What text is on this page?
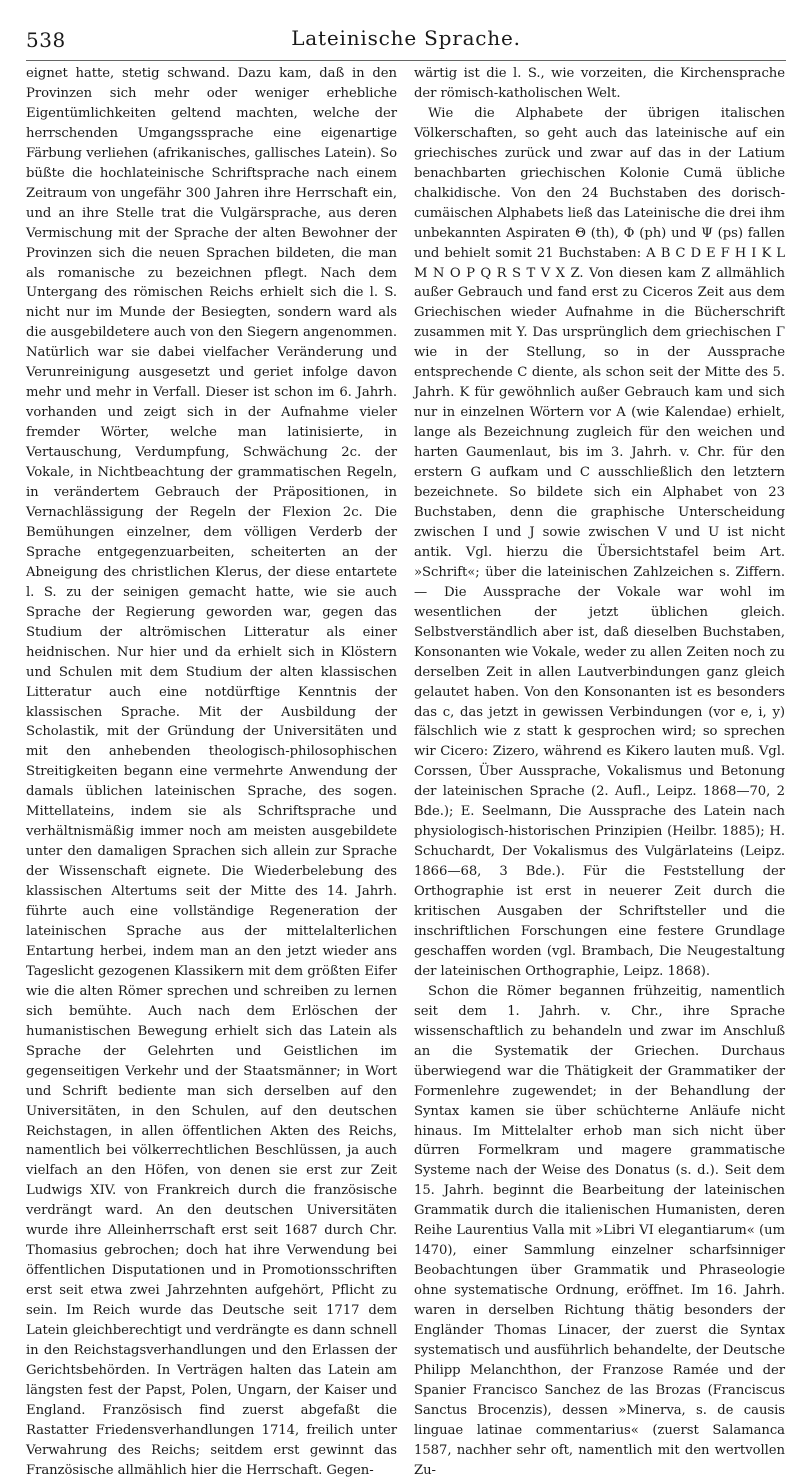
538	Lateinische Sprache.

eignet hatte, stetig schwand. Dazu kam, daß in den Provinzen sich mehr oder weniger erhebliche Eigentümlichkeiten geltend machten, welche der herrschenden Umgangssprache eine eigenartige Färbung verliehen (afrikanisches, gallisches Latein). So büßte die hochlateinische Schriftsprache nach einem Zeitraum von ungefähr 300 Jahren ihre Herrschaft ein, und an ihre Stelle trat die Vulgärsprache, aus deren Vermischung mit der Sprache der alten Bewohner der Provinzen sich die neuen Sprachen bildeten, die man als romanische zu bezeichnen pflegt. Nach dem Untergang des römischen Reichs erhielt sich die l. S. nicht nur im Munde der Besiegten, sondern ward als die ausgebildetere auch von den Siegern angenommen. Natürlich war sie dabei vielfacher Veränderung und Verunreinigung ausgesetzt und geriet infolge davon mehr und mehr in Verfall. Dieser ist schon im 6. Jahrh. vorhanden und zeigt sich in der Aufnahme vieler fremder Wörter, welche man latinisierte, in Vertauschung, Verdumpfung, Schwächung 2c. der Vokale, in Nichtbeachtung der grammatischen Regeln, in verändertem Gebrauch der Präpositionen, in Vernachlässigung der Regeln der Flexion 2c. Die Bemühungen einzelner, dem völligen Verderb der Sprache entgegenzuarbeiten, scheiterten an der Abneigung des christlichen Klerus, der diese entartete l. S. zu der seinigen gemacht hatte, wie sie auch Sprache der Regierung geworden war, gegen das Studium der altrömischen Litteratur als einer heidnischen. Nur hier und da erhielt sich in Klöstern und Schulen mit dem Studium der alten klassischen Litteratur auch eine notdürftige Kenntnis der klassischen Sprache. Mit der Ausbildung der Scholastik, mit der Gründung der Universitäten und mit den anhebenden theologisch-philosophischen Streitigkeiten begann eine vermehrte Anwendung der damals üblichen lateinischen Sprache, des sogen. Mittellateins, indem sie als Schriftsprache und verhältnismäßig immer noch am meisten ausgebildete unter den damaligen Sprachen sich allein zur Sprache der Wissenschaft eignete. Die Wiederbelebung des klassischen Altertums seit der Mitte des 14. Jahrh. führte auch eine vollständige Regeneration der lateinischen Sprache aus der mittelalterlichen Entartung herbei, indem man an den jetzt wieder ans Tageslicht gezogenen Klassikern mit dem größten Eifer wie die alten Römer sprechen und schreiben zu lernen sich bemühte. Auch nach dem Erlöschen der humanistischen Bewegung erhielt sich das Latein als Sprache der Gelehrten und Geistlichen im gegenseitigen Verkehr und der Staatsmänner; in Wort und Schrift bediente man sich derselben auf den Universitäten, in den Schulen, auf den deutschen Reichstagen, in allen öffentlichen Akten des Reichs, namentlich bei völkerrechtlichen Beschlüssen, ja auch vielfach an den Höfen, von denen sie erst zur Zeit Ludwigs XIV. von Frankreich durch die französische verdrängt ward. An den deutschen Universitäten wurde ihre Alleinherrschaft erst seit 1687 durch Chr. Thomasius gebrochen; doch hat ihre Verwendung bei öffentlichen Disputationen und in Promotionsschriften erst seit etwa zwei Jahrzehnten aufgehört, Pflicht zu sein. Im Reich wurde das Deutsche seit 1717 dem Latein gleichberechtigt und verdrängte es dann schnell in den Reichstagsverhandlungen und den Erlassen der Gerichtsbehörden. In Verträgen halten das Latein am längsten fest der Papst, Polen, Ungarn, der Kaiser und England. Französisch find zuerst abgefaßt die Rastatter Friedensverhandlungen 1714, freilich unter Verwahrung des Reichs; seitdem erst gewinnt das Französische allmählich hier die Herrschaft. Gegen-

wärtig ist die l. S., wie vorzeiten, die Kirchensprache der römisch-katholischen Welt.

Wie die Alphabete der übrigen italischen Völkerschaften, so geht auch das lateinische auf ein griechisches zurück und zwar auf das in der Latium benachbarten griechischen Kolonie Cumä übliche chalkidische. Von den 24 Buchstaben des dorisch-cumäischen Alphabets ließ das Lateinische die drei ihm unbekannten Aspiraten Θ (th), Φ (ph) und Ψ (ps) fallen und behielt somit 21 Buchstaben: A B C D E F H I K L M N O P Q R S T V X Z. Von diesen kam Z allmählich außer Gebrauch und fand erst zu Ciceros Zeit aus dem Griechischen wieder Aufnahme in die Bücherschrift zusammen mit Y. Das ursprünglich dem griechischen Γ wie in der Stellung, so in der Aussprache entsprechende C diente, als schon seit der Mitte des 5. Jahrh. K für gewöhnlich außer Gebrauch kam und sich nur in einzelnen Wörtern vor A (wie Kalendae) erhielt, lange als Bezeichnung zugleich für den weichen und harten Gaumenlaut, bis im 3. Jahrh. v. Chr. für den erstern G aufkam und C ausschließlich den letztern bezeichnete. So bildete sich ein Alphabet von 23 Buchstaben, denn die graphische Unterscheidung zwischen I und J sowie zwischen V und U ist nicht antik. Vgl. hierzu die Übersichtstafel beim Art. »Schrift«; über die lateinischen Zahlzeichen s. Ziffern. — Die Aussprache der Vokale war wohl im wesentlichen der jetzt üblichen gleich. Selbstverständlich aber ist, daß dieselben Buchstaben, Konsonanten wie Vokale, weder zu allen Zeiten noch zu derselben Zeit in allen Lautverbindungen ganz gleich gelautet haben. Von den Konsonanten ist es besonders das c, das jetzt in gewissen Verbindungen (vor e, i, y) fälschlich wie z statt k gesprochen wird; so sprechen wir Cicero: Zizero, während es Kikero lauten muß. Vgl. Corssen, Über Aussprache, Vokalismus und Betonung der lateinischen Sprache (2. Aufl., Leipz. 1868—70, 2 Bde.); E. Seelmann, Die Aussprache des Latein nach physiologisch-historischen Prinzipien (Heilbr. 1885); H. Schuchardt, Der Vokalismus des Vulgärlateins (Leipz. 1866—68, 3 Bde.). Für die Feststellung der Orthographie ist erst in neuerer Zeit durch die kritischen Ausgaben der Schriftsteller und die inschriftlichen Forschungen eine festere Grundlage geschaffen worden (vgl. Brambach, Die Neugestaltung der lateinischen Orthographie, Leipz. 1868).

Schon die Römer begannen frühzeitig, namentlich seit dem 1. Jahrh. v. Chr., ihre Sprache wissenschaftlich zu behandeln und zwar im Anschluß an die Systematik der Griechen. Durchaus überwiegend war die Thätigkeit der Grammatiker der Formenlehre zugewendet; in der Behandlung der Syntax kamen sie über schüchterne Anläufe nicht hinaus. Im Mittelalter erhob man sich nicht über dürren Formelkram und magere grammatische Systeme nach der Weise des Donatus (s. d.). Seit dem 15. Jahrh. beginnt die Bearbeitung der lateinischen Grammatik durch die italienischen Humanisten, deren Reihe Laurentius Valla mit »Libri VI elegantiarum« (um 1470), einer Sammlung einzelner scharfsinniger Beobachtungen über Grammatik und Phraseologie ohne systematische Ordnung, eröffnet. Im 16. Jahrh. waren in derselben Richtung thätig besonders der Engländer Thomas Linacer, der zuerst die Syntax systematisch und ausführlich behandelte, der Deutsche Philipp Melanchthon, der Franzose Ramée und der Spanier Francisco Sanchez de las Brozas (Franciscus Sanctus Brocenzis), dessen »Minerva, s. de causis linguae latinae commentarius« (zuerst Salamanca 1587, nachher sehr oft, namentlich mit den wertvollen Zu-
